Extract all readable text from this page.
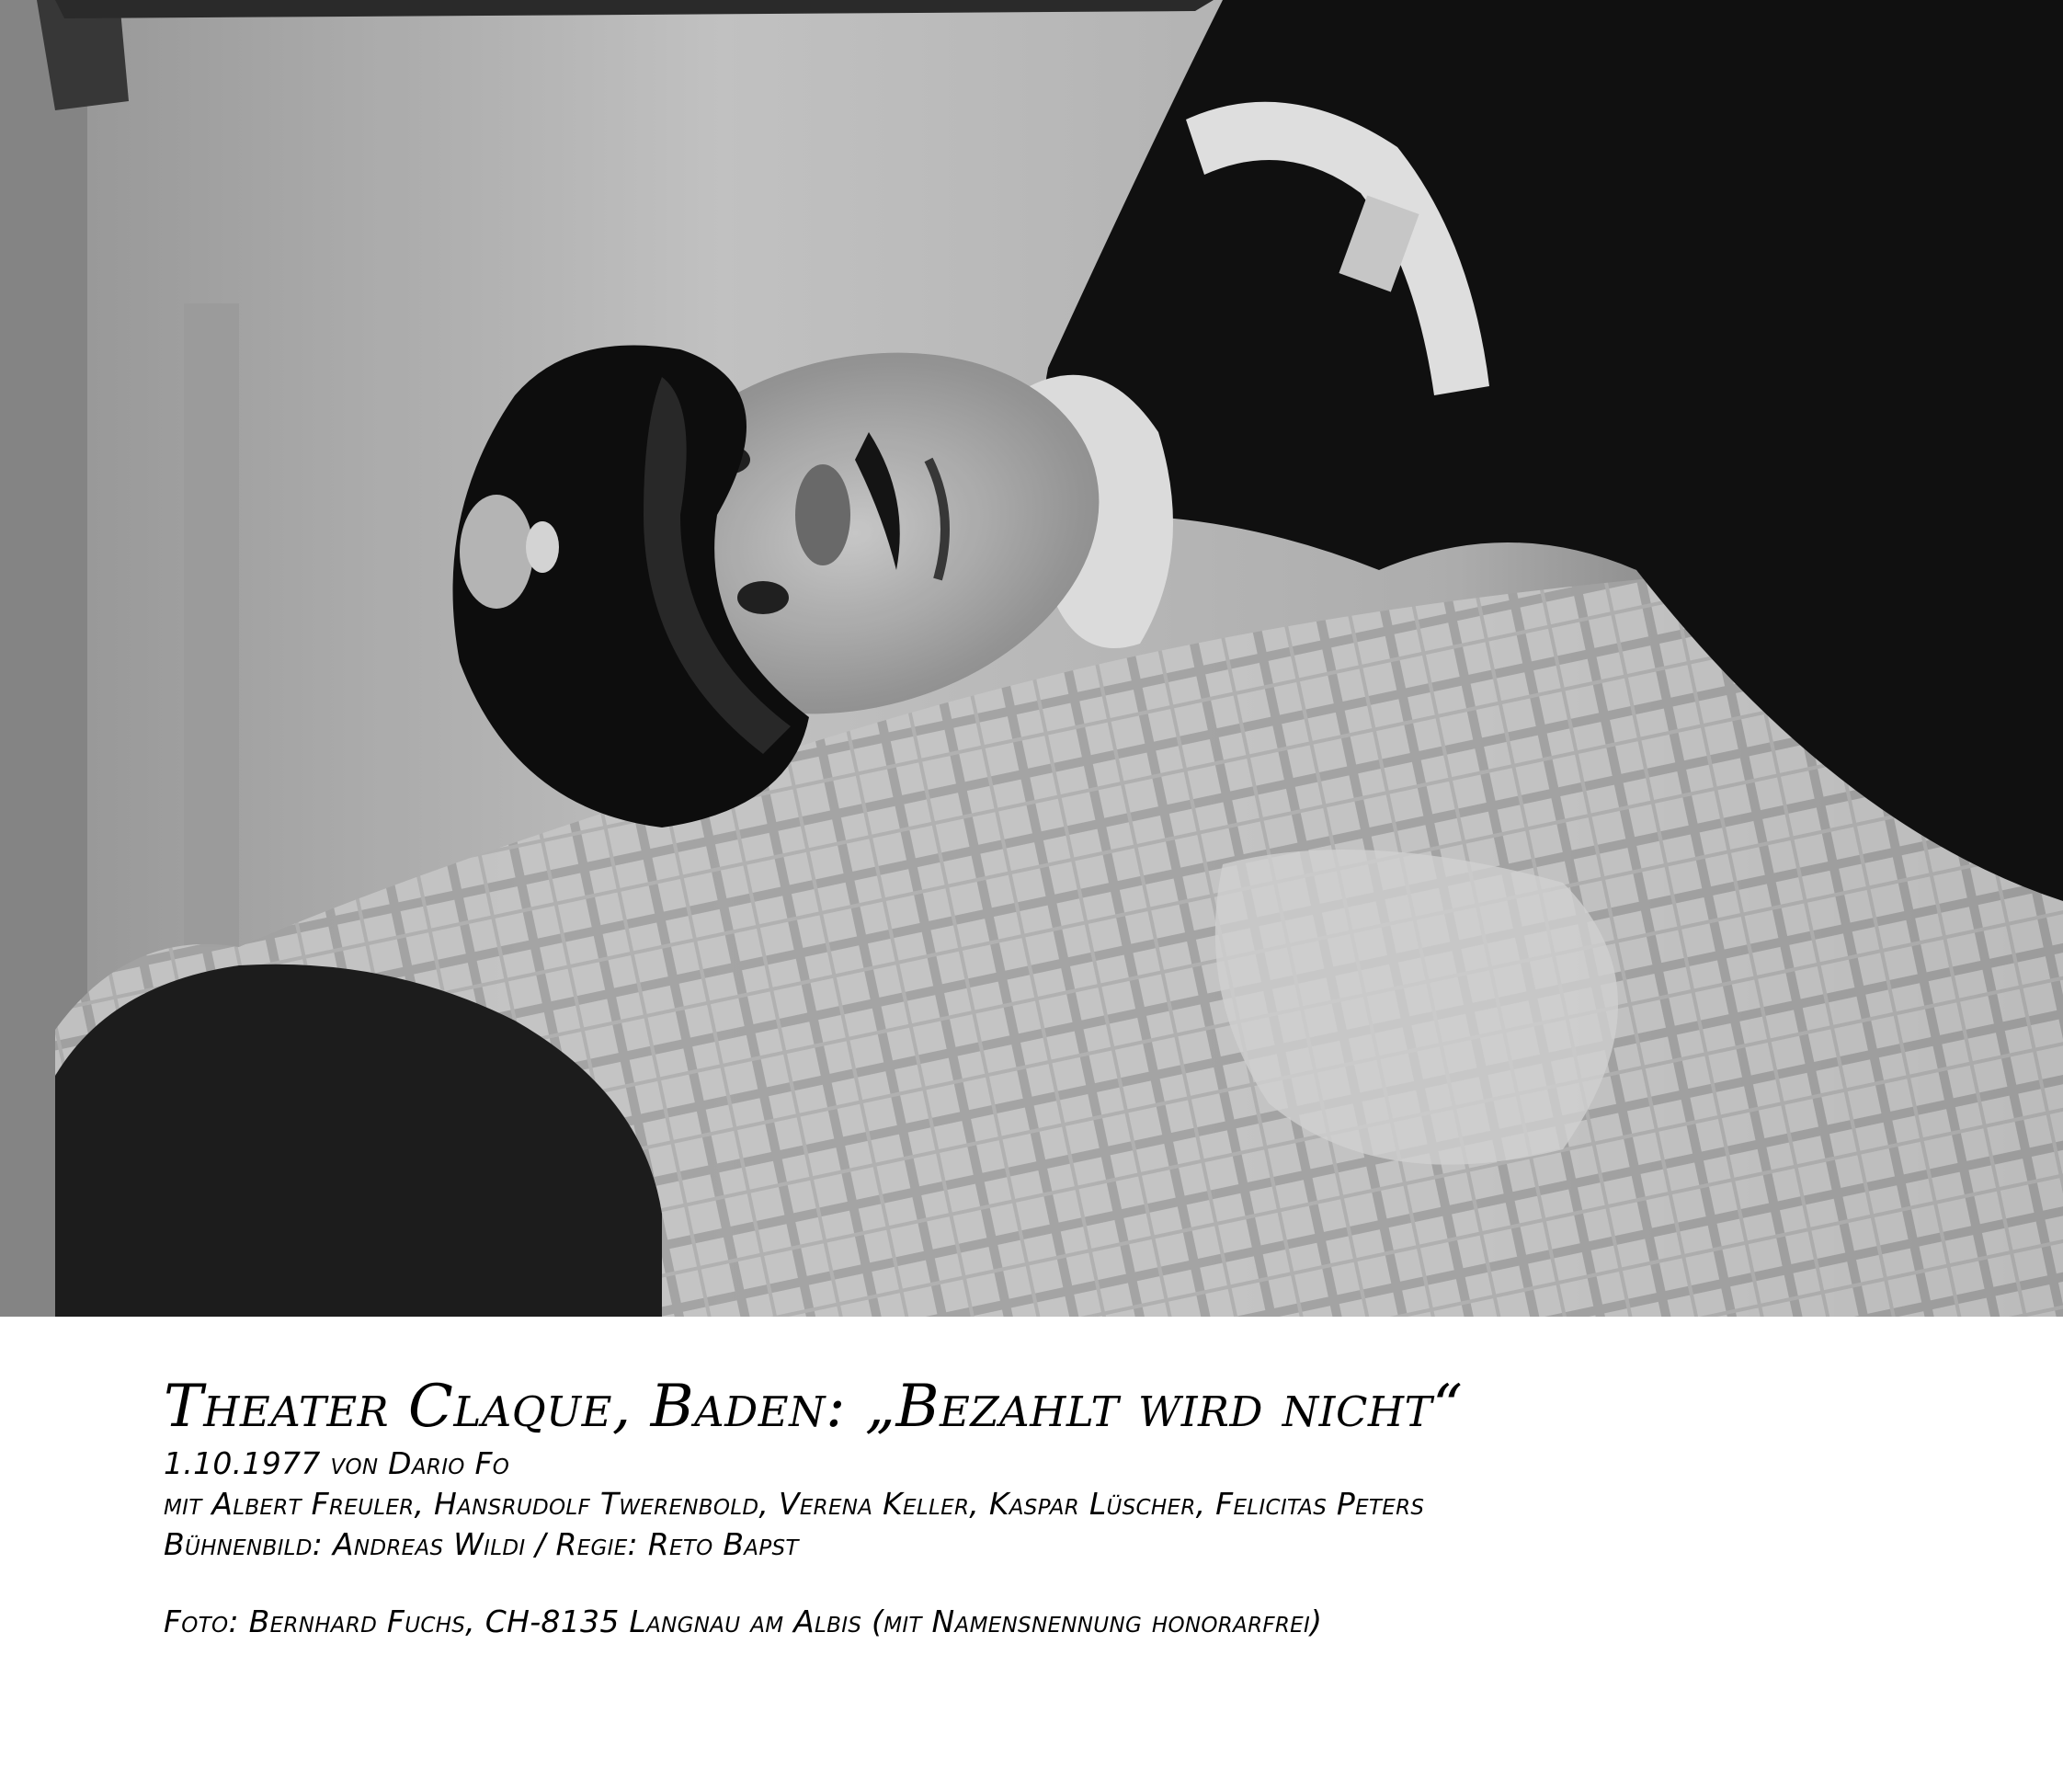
Theater Claque, Baden: „Bezahlt wird nicht“

1.10.1977 von Dario Fo

mit Albert Freuler, Hansrudolf Twerenbold, Verena Keller, Kaspar Lüscher, Felicitas Peters

Bühnenbild: Andreas Wildi / Regie: Reto Bapst

Foto: Bernhard Fuchs, CH-8135 Langnau am Albis (mit Namensnennung honorarfrei)
